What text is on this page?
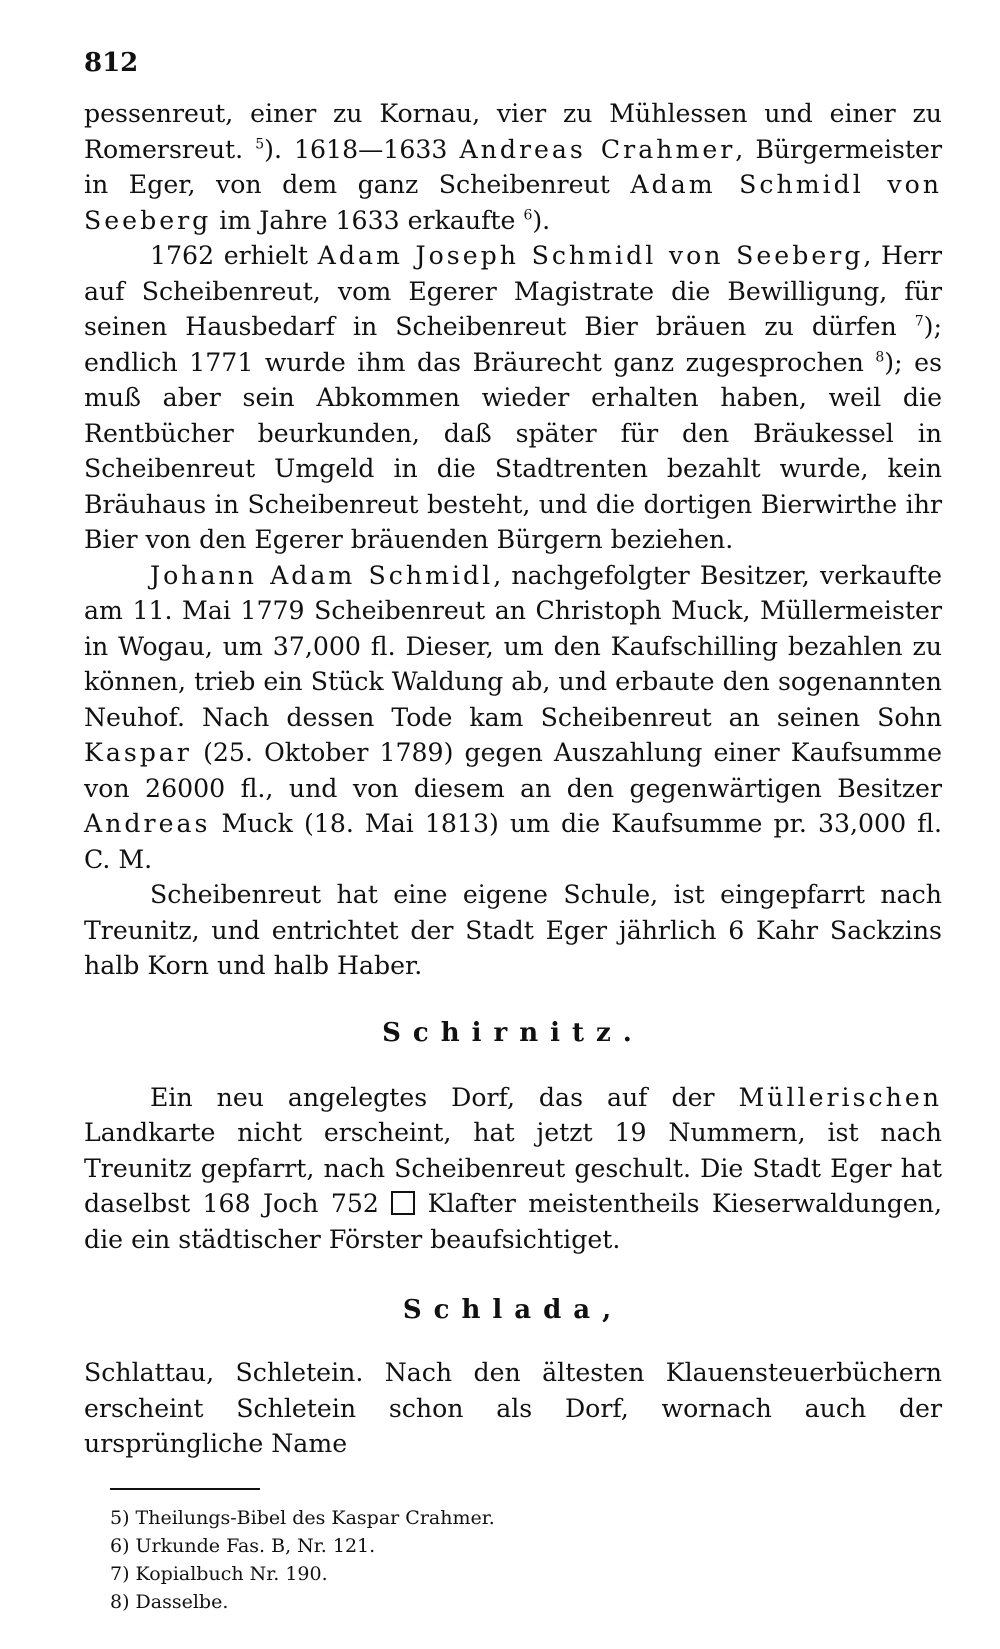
812

pessenreut, einer zu Kornau, vier zu Mühlessen und einer zu Romersreut. $^5$). 1618—1633 Andreas Crahmer, Bürgermeister in Eger, von dem ganz Scheibenreut Adam Schmidl von Seeberg im Jahre 1633 erkaufte $^6$).

1762 erhielt Adam Joseph Schmidl von Seeberg, Herr auf Scheibenreut, vom Egerer Magistrate die Bewilligung, für seinen Hausbedarf in Scheibenreut Bier bräuen zu dürfen $^7$); endlich 1771 wurde ihm das Bräurecht ganz zugesprochen $^8$); es muß aber sein Abkommen wieder erhalten haben, weil die Rentbücher beurkunden, daß später für den Bräukessel in Scheibenreut Umgeld in die Stadtrenten bezahlt wurde, kein Bräuhaus in Scheibenreut besteht, und die dortigen Bierwirthe ihr Bier von den Egerer bräuenden Bürgern beziehen.

Johann Adam Schmidl, nachgefolgter Besitzer, verkaufte am 11. Mai 1779 Scheibenreut an Christoph Muck, Müllermeister in Wogau, um 37,000 fl. Dieser, um den Kaufschilling bezahlen zu können, trieb ein Stück Waldung ab, und erbaute den sogenannten Neuhof. Nach dessen Tode kam Scheibenreut an seinen Sohn Kaspar (25. Oktober 1789) gegen Auszahlung einer Kaufsumme von 26000 fl., und von diesem an den gegenwärtigen Besitzer Andreas Muck (18. Mai 1813) um die Kaufsumme pr. 33,000 fl. C. M.

Scheibenreut hat eine eigene Schule, ist eingepfarrt nach Treunitz, und entrichtet der Stadt Eger jährlich 6 Kahr Sackzins halb Korn und halb Haber.

Schirnitz.

Ein neu angelegtes Dorf, das auf der Müllerischen Landkarte nicht erscheint, hat jetzt 19 Nummern, ist nach Treunitz gepfarrt, nach Scheibenreut geschult. Die Stadt Eger hat daselbst 168 Joch 752 Klafter meistentheils Kieserwaldungen, die ein städtischer Förster beaufsichtiget.

Schlada,

Schlattau, Schletein. Nach den ältesten Klauensteuerbüchern erscheint Schletein schon als Dorf, wornach auch der ursprüngliche Name

5) Theilungs-Bibel des Kaspar Crahmer.
6) Urkunde Fas. B, Nr. 121.
7) Kopialbuch Nr. 190.
8) Dasselbe.
